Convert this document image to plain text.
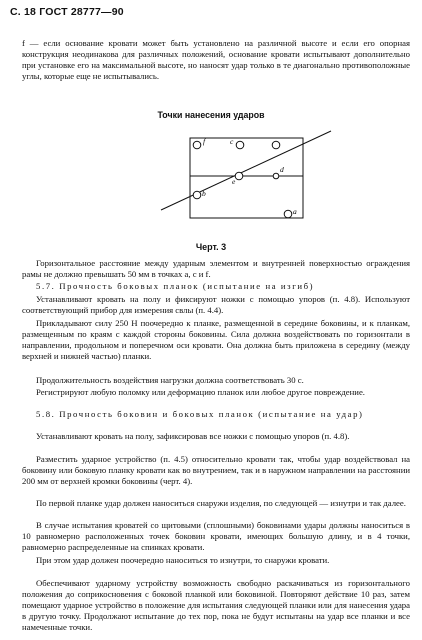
С. 18 ГОСТ 28777—90
f — если основание кровати может быть установлено на различной высоте и если его опорная конструкция неодинакова для различных положений, основание кровати испытывают дополнительно при установке его на максимальной высоте, но наносят удар только в те диагонально противоположные углы, которые еще не испытывались.
Точки нанесения ударов
f	c
e
d
b
a
Черт. 3
Горизонтальное расстояние между ударным элементом и внутренней поверхностью ограждения рамы не должно превышать 50 мм в точках a, c и f.
5.7. Прочность боковых планок (испытание на изгиб)
Устанавливают кровать на полу и фиксируют ножки с помощью упоров (п. 4.8). Используют соответствующий прибор для измерения свлы (п. 4.4).
Прикладывают силу 250 Н поочередно к планке, размещенной в середине боковины, и к планкам, размещенным по краям с каждой стороны боковины. Сила должна воздействовать по горизонтали в направлении, продольном и поперечном оси кровати. Она должна быть приложена в середину (между верхней и нижней частью) планки.
Продолжительность воздействия нагрузки должна соответствовать 30 с.
Регистрируют любую поломку или деформацию планок или любое другое повреждение.
5.8. Прочность боковин и боковых планок (испытание на удар)
Устанавливают кровать на полу, зафиксировав все ножки с помощью упоров (п. 4.8).
Разместить ударное устройство (п. 4.5) относительно кровати так, чтобы удар воздействовал на боковину или боковую планку кровати как во внутрением, так и в наружном направлении на расстоянии 200 мм от верхней кромки боковины (черт. 4).
По первой планке удар должен наноситься снаружи изделия, по следующей — изнутри и так далее.
В случае испытания кроватей со щитовыми (сплошными) боковинами удары должны наноситься в 10 равномерно расположенных точек боковин кровати, имеющих большую длину, и в 4 точки, равномерно распределенные на спинках кровати.
При этом удар должен поочередно наноситься то изнутри, то снаружи кровати.
Обеспечивают ударному устройству возможность свободно раскачиваться из горизонтального положения до соприкосновения с боковой планкой или боковиной. Повторяют действие 10 раз, затем помещают ударное устройство в положение для испытания следующей планки или для нанесения удара в другую точку. Продолжают испытание до тех пор, пока не будут испытаны на удар все планки и все намеченные точки.
